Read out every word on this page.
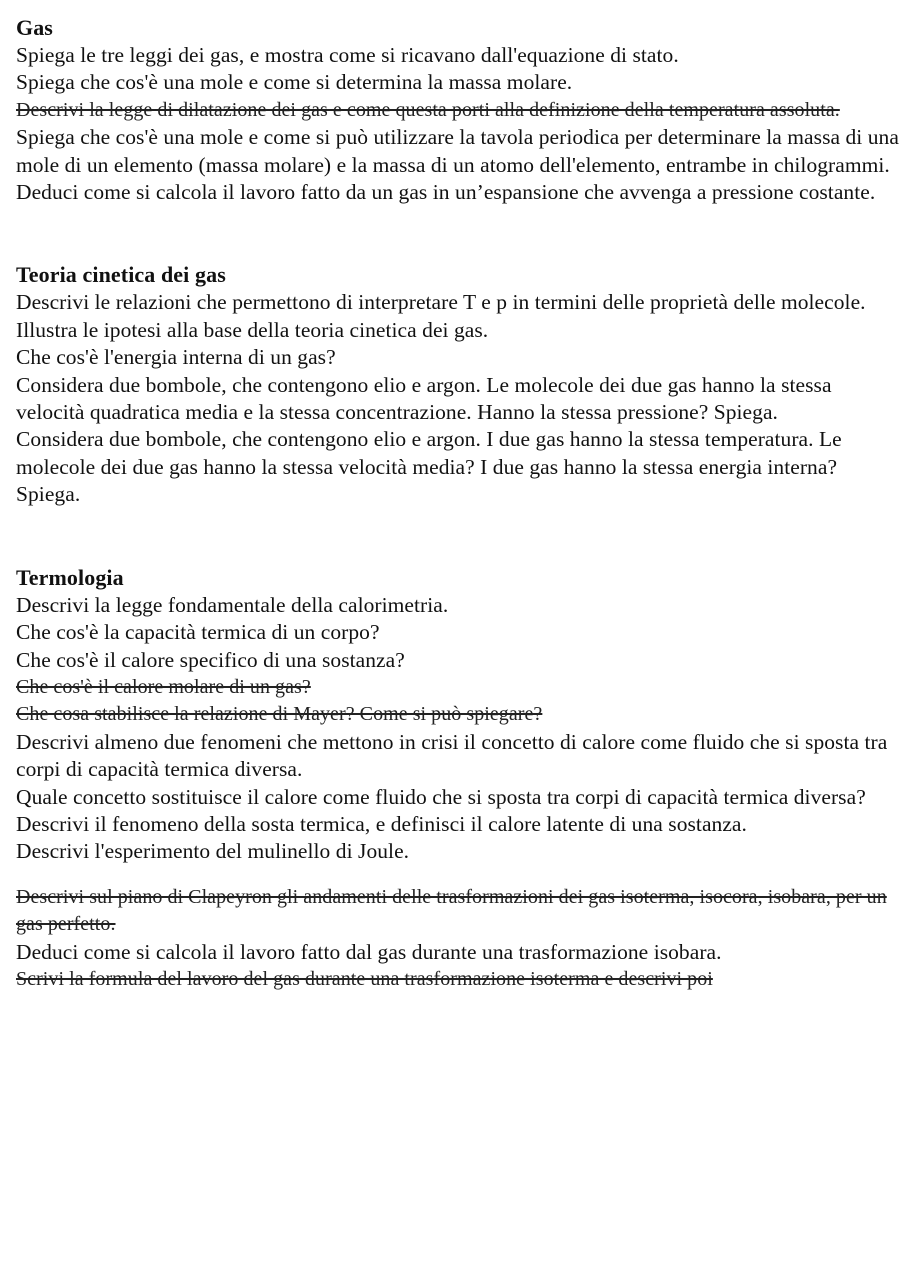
Gas

Spiega le tre leggi dei gas, e mostra come si ricavano dall'equazione di stato.

Spiega che cos'è una mole e come si determina la massa molare.

Descrivi la legge di dilatazione dei gas e come questa porti alla definizione della temperatura assoluta.

Spiega che cos'è una mole e come si può utilizzare la tavola periodica per determinare la massa di una mole di un elemento (massa molare) e la massa di un atomo dell'elemento, entrambe in chilogrammi.

Deduci come si calcola il lavoro fatto da un gas in un’espansione che avvenga a pressione costante.

Teoria cinetica dei gas

Descrivi le relazioni che permettono di interpretare T e p in termini delle proprietà delle molecole.

Illustra le ipotesi alla base della teoria cinetica dei gas.

Che cos'è l'energia interna di un gas?

Considera due bombole, che contengono elio e argon. Le molecole dei due gas hanno la stessa velocità quadratica media e la stessa concentrazione. Hanno la stessa pressione? Spiega.

Considera due bombole, che contengono elio e argon. I due gas hanno la stessa temperatura. Le molecole dei due gas hanno la stessa velocità media? I due gas hanno la stessa energia interna? Spiega.

Termologia

Descrivi la legge fondamentale della calorimetria.

Che cos'è la capacità termica di un corpo?

Che cos'è il calore specifico di una sostanza?

Che cos'è il calore molare di un gas?

Che cosa stabilisce la relazione di Mayer? Come si può spiegare?

Descrivi almeno due fenomeni che mettono in crisi il concetto di calore come fluido che si sposta tra corpi di capacità termica diversa.

Quale concetto sostituisce il calore come fluido che si sposta tra corpi di capacità termica diversa?

Descrivi il fenomeno della sosta termica, e definisci il calore latente di una sostanza.

Descrivi l'esperimento del mulinello di Joule.

Descrivi sul piano di Clapeyron gli andamenti delle trasformazioni dei gas isoterma, isocora, isobara, per un gas perfetto.

Deduci come si calcola il lavoro fatto dal gas durante una trasformazione isobara.

Scrivi la formula del lavoro del gas durante una trasformazione isoterma e descrivi poi
